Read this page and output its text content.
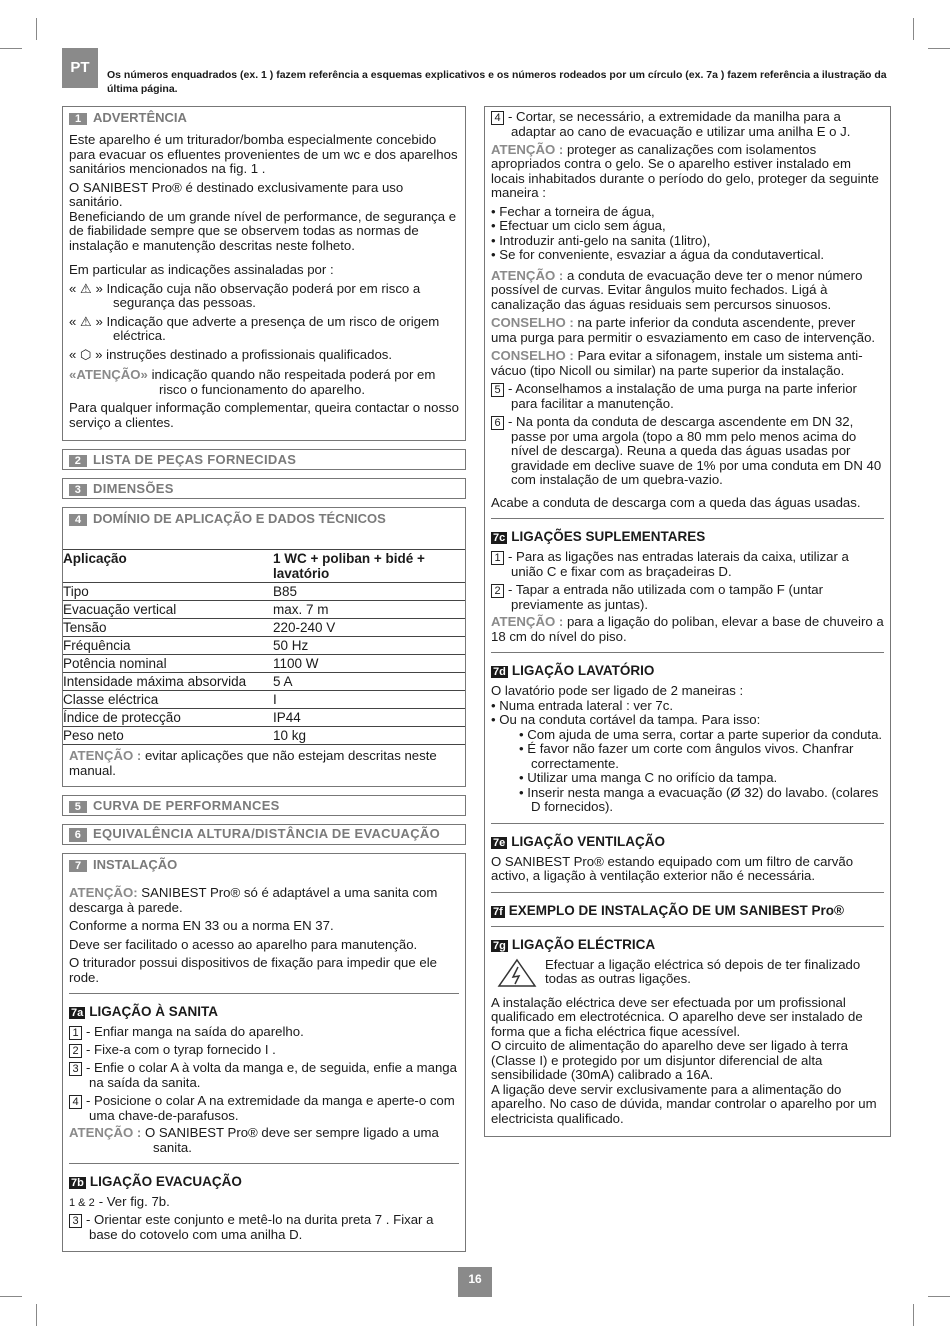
PT	Os números enquadrados (ex. 1 ) fazem referência a esquemas explicativos e os números rodeados por um círculo (ex. 7a ) fazem referência a ilustração da última página.
1 ADVERTÊNCIA

Este aparelho é um triturador/bomba especialmente concebido para evacuar os efluentes provenientes de um wc e dos aparelhos sanitários mencionados na fig. 1 .

O SANIBEST Pro® é destinado exclusivamente para uso sanitário.

Beneficiando de um grande nível de performance, de segurança e de fiabilidade sempre que se observem todas as normas de instalação e manutenção descritas neste folheto.

Em particular as indicações assinaladas por :

« ⚠ » Indicação cuja não observação poderá por em risco a segurança das pessoas.

« ⚠ » Indicação que adverte a presença de um risco de origem eléctrica.

« ⬡ » instruções destinado a profissionais qualificados.

«ATENÇÃO» indicação quando não respeitada poderá por em risco o funcionamento do aparelho.

Para qualquer informação complementar, queira contactar o nosso serviço a clientes.

2 LISTA DE PEÇAS FORNECIDAS
3 DIMENSÕES
4 DOMÍNIO DE APLICAÇÃO E DADOS TÉCNICOS
Aplicação	1 WC + poliban + bidé + lavatório
Tipo	B85
Evacuação vertical	max. 7 m
Tensão	220-240 V
Fréquência	50 Hz
Potência nominal	1100 W
Intensidade máxima absorvida	5 A
Classe eléctrica	I
Índice de protecção	IP44
Peso neto	10 kg

ATENÇÃO : evitar aplicações que não estejam descritas neste manual.

5 CURVA DE PERFORMANCES
6 EQUIVALÊNCIA ALTURA/DISTÂNCIA DE EVACUAÇÃO
7 INSTALAÇÃO

ATENÇÃO: SANIBEST Pro® só é adaptável a uma sanita com descarga à parede.

Conforme a norma EN 33 ou a norma EN 37.

Deve ser facilitado o acesso ao aparelho para manutenção.

O triturador possui dispositivos de fixação para impedir que ele rode.

7a LIGAÇÃO À SANITA
1 - Enfiar manga na saída do aparelho.
2 - Fixe-a com o tyrap fornecido I .
3 - Enfie o colar A à volta da manga e, de seguida, enfie a manga na saída da sanita.
4 - Posicione o colar A na extremidade da manga e aperte-o com uma chave-de-parafusos.

ATENÇÃO : O SANIBEST Pro® deve ser sempre ligado a uma sanita.

7b LIGAÇÃO EVACUAÇÃO
1 & 2 - Ver fig. 7b.
3 - Orientar este conjunto e metê-lo na durita preta 7 . Fixar a base do cotovelo com uma anilha D.
4 - Cortar, se necessário, a extremidade da manilha para a adaptar ao cano de evacuação e utilizar uma anilha E o J.

ATENÇÃO : proteger as canalizações com isolamentos apropriados contra o gelo. Se o aparelho estiver instalado em locais inhabitados durante o período do gelo, proteger da seguinte maneira :

• Fechar a torneira de água,

• Efectuar um ciclo sem água,

• Introduzir anti-gelo na sanita (1litro),

• Se for conveniente, esvaziar a água da condutavertical.

ATENÇÃO : a conduta de evacuação deve ter o menor número possível de curvas. Evitar ângulos muito fechados. Ligá à canalização das águas residuais sem percursos sinuosos.

CONSELHO : na parte inferior da conduta ascendente, prever uma purga para permitir o esvaziamento em caso de intervenção.

CONSELHO : Para evitar a sifonagem, instale um sistema anti-vácuo (tipo Nicoll ou similar) na parte superior da instalação.

5 - Aconselhamos a instalação de uma purga na parte inferior para facilitar a manutenção.
6 - Na ponta da conduta de descarga ascendente em DN 32, passe por uma argola (topo a 80 mm pelo menos acima do nível de descarga). Reuna a queda das águas usadas por gravidade em declive suave de 1% por uma conduta em DN 40 com instalação de um quebra-vazio.

Acabe a conduta de descarga com a queda das águas usadas.

7c LIGAÇÕES SUPLEMENTARES
1 - Para as ligações nas entradas laterais da caixa, utilizar a união C e fixar com as braçadeiras D.
2 - Tapar a entrada não utilizada com o tampão F (untar previamente as juntas).

ATENÇÃO : para a ligação do poliban, elevar a base de chuveiro a 18 cm do nível do piso.

7d LIGAÇÃO LAVATÓRIO

O lavatório pode ser ligado de 2 maneiras :

• Numa entrada lateral : ver 7c.

• Ou na conduta cortável da tampa. Para isso:

• Com ajuda de uma serra, cortar a parte superior da conduta.

• É favor não fazer um corte com ângulos vivos. Chanfrar correctamente.

• Utilizar uma manga C no orifício da tampa.

• Inserir nesta manga a evacuação (Ø 32) do lavabo. (colares D fornecidos).

7e LIGAÇÃO VENTILAÇÃO

O SANIBEST Pro® estando equipado com um filtro de carvão activo, a ligação à ventilação exterior não é necessária.

7f EXEMPLO DE INSTALAÇÃO DE UM SANIBEST Pro®
7g LIGAÇÃO ELÉCTRICA

Efectuar a ligação eléctrica só depois de ter finalizado todas as outras ligações.

A instalação eléctrica deve ser efectuada por um profissional qualificado em electrotécnica. O aparelho deve ser instalado de forma que a ficha eléctrica fique acessível.

O circuito de alimentação do aparelho deve ser ligado à terra (Classe I) e protegido por um disjuntor diferencial de alta sensibilidade (30mA) calibrado a 16A.

A ligação deve servir exclusivamente para a alimentação do aparelho. No caso de dúvida, mandar controlar o aparelho por um electricista qualificado.

16
